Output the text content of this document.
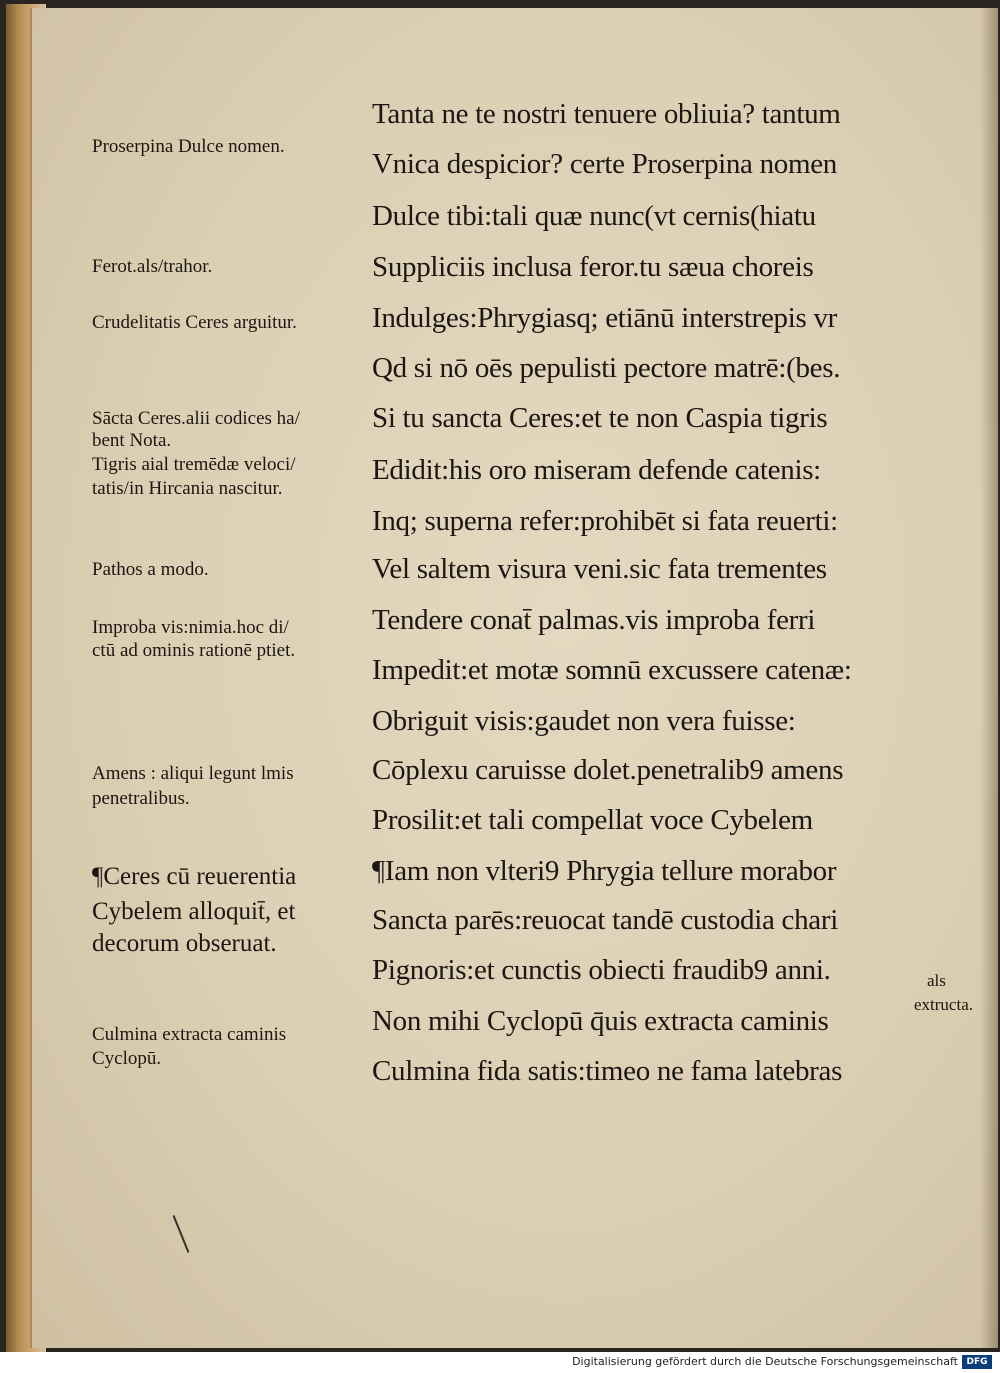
Tanta ne te nostri tenuere obliuia? tantum
Vnica despicior? certe Proserpina nomen
Dulce tibi:tali quæ nunc(vt cernis(hiatu
Suppliciis inclusa feror.tu sæua choreis
Indulges:Phrygiasq; etiānū interstrepis vr
Qd si nō oēs pepulisti pectore matrē:(bes.
Si tu sancta Ceres:et te non Caspia tigris
Edidit:his oro miseram defende catenis:
Inq; superna refer:prohibēt si fata reuerti:
Vel saltem visura veni.sic fata trementes
Tendere conat̄ palmas.vis improba ferri
Impedit:et motæ somnū excussere catenæ:
Obriguit visis:gaudet non vera fuisse:
Cōplexu caruisse dolet.penetralib9 amens
Prosilit:et tali compellat voce Cybelem
¶Iam non vlteri9 Phrygia tellure morabor
Sancta parēs:reuocat tandē custodia chari
Pignoris:et cunctis obiecti fraudib9 anni.
Non mihi Cyclopū q̄uis extracta caminis
Culmina fida satis:timeo ne fama latebras
Proserpina Dulce nomen.
Ferot.als/trahor.
Crudelitatis Ceres arguitur.
Sācta Ceres.alii codices ha/
bent Nota.
Tigris aial tremēdæ veloci/
tatis/in Hircania nascitur.
Pathos a modo.
Improba vis:nimia.hoc di/
ctū ad ominis rationē ptiet.
Amens : aliqui legunt lmis
penetralibus.
¶Ceres cū reuerentia
Cybelem alloquit̄, et
decorum obseruat.
Culmina extracta caminis
Cyclopū.
als
extructa.
Digitalisierung gefördert durch die Deutsche Forschungsgemeinschaft DFG
